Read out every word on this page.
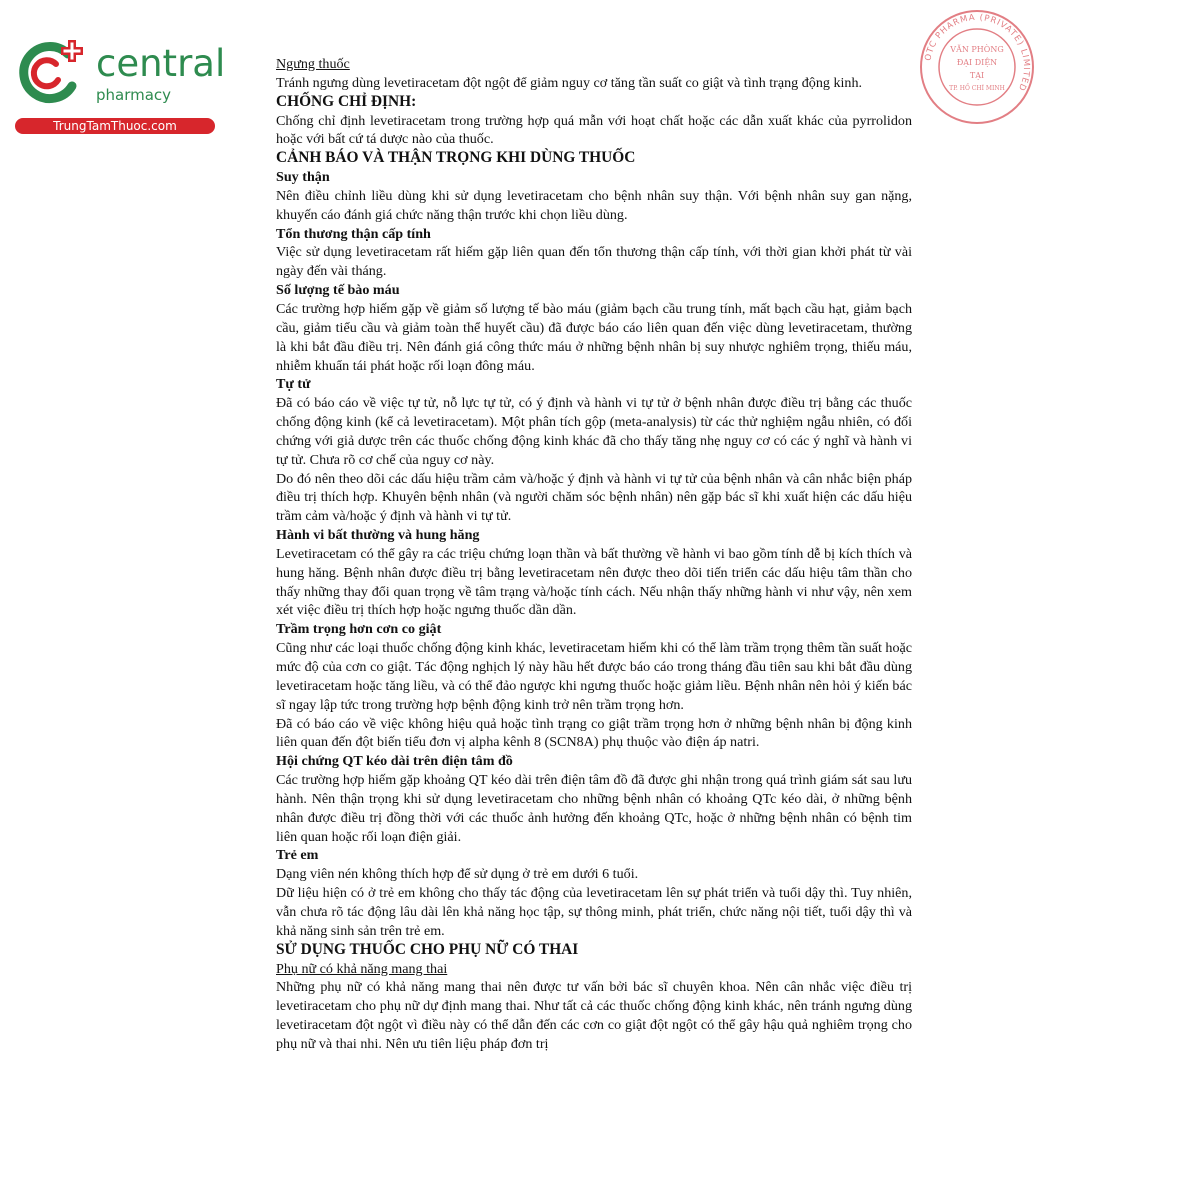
central
pharmacy
TrungTamThuoc.com
OTC PHARMA (PRIVATE) LIMITED
VĂN PHÒNG
ĐẠI DIỆN
TẠI
TP. HỒ CHÍ MINH

Ngưng thuốc

Tránh ngưng dùng levetiracetam đột ngột để giảm nguy cơ tăng tần suất co giật và tình trạng động kinh.

CHỐNG CHỈ ĐỊNH:

Chống chỉ định levetiracetam trong trường hợp quá mẫn với hoạt chất hoặc các dẫn xuất khác của pyrrolidon hoặc với bất cứ tá dược nào của thuốc.

CẢNH BÁO VÀ THẬN TRỌNG KHI DÙNG THUỐC

Suy thận

Nên điều chỉnh liều dùng khi sử dụng levetiracetam cho bệnh nhân suy thận. Với bệnh nhân suy gan nặng, khuyến cáo đánh giá chức năng thận trước khi chọn liều dùng.

Tổn thương thận cấp tính

Việc sử dụng levetiracetam rất hiếm gặp liên quan đến tổn thương thận cấp tính, với thời gian khởi phát từ vài ngày đến vài tháng.

Số lượng tế bào máu

Các trường hợp hiếm gặp về giảm số lượng tế bào máu (giảm bạch cầu trung tính, mất bạch cầu hạt, giảm bạch cầu, giảm tiểu cầu và giảm toàn thể huyết cầu) đã được báo cáo liên quan đến việc dùng levetiracetam, thường là khi bắt đầu điều trị. Nên đánh giá công thức máu ở những bệnh nhân bị suy nhược nghiêm trọng, thiếu máu, nhiễm khuẩn tái phát hoặc rối loạn đông máu.

Tự tử

Đã có báo cáo về việc tự tử, nỗ lực tự tử, có ý định và hành vi tự tử ở bệnh nhân được điều trị bằng các thuốc chống động kinh (kể cả levetiracetam). Một phân tích gộp (meta-analysis) từ các thử nghiệm ngẫu nhiên, có đối chứng với giả dược trên các thuốc chống động kinh khác đã cho thấy tăng nhẹ nguy cơ có các ý nghĩ và hành vi tự tử. Chưa rõ cơ chế của nguy cơ này.

Do đó nên theo dõi các dấu hiệu trầm cảm và/hoặc ý định và hành vi tự tử của bệnh nhân và cân nhắc biện pháp điều trị thích hợp. Khuyên bệnh nhân (và người chăm sóc bệnh nhân) nên gặp bác sĩ khi xuất hiện các dấu hiệu trầm cảm và/hoặc ý định và hành vi tự tử.

Hành vi bất thường và hung hăng

Levetiracetam có thể gây ra các triệu chứng loạn thần và bất thường về hành vi bao gồm tính dễ bị kích thích và hung hăng. Bệnh nhân được điều trị bằng levetiracetam nên được theo dõi tiến triển các dấu hiệu tâm thần cho thấy những thay đổi quan trọng về tâm trạng và/hoặc tính cách. Nếu nhận thấy những hành vi như vậy, nên xem xét việc điều trị thích hợp hoặc ngưng thuốc dần dần.

Trầm trọng hơn cơn co giật

Cũng như các loại thuốc chống động kinh khác, levetiracetam hiếm khi có thể làm trầm trọng thêm tần suất hoặc mức độ của cơn co giật. Tác động nghịch lý này hầu hết được báo cáo trong tháng đầu tiên sau khi bắt đầu dùng levetiracetam hoặc tăng liều, và có thể đảo ngược khi ngưng thuốc hoặc giảm liều. Bệnh nhân nên hỏi ý kiến bác sĩ ngay lập tức trong trường hợp bệnh động kinh trở nên trầm trọng hơn.

Đã có báo cáo về việc không hiệu quả hoặc tình trạng co giật trầm trọng hơn ở những bệnh nhân bị động kinh liên quan đến đột biến tiểu đơn vị alpha kênh 8 (SCN8A) phụ thuộc vào điện áp natri.

Hội chứng QT kéo dài trên điện tâm đồ

Các trường hợp hiếm gặp khoảng QT kéo dài trên điện tâm đồ đã được ghi nhận trong quá trình giám sát sau lưu hành. Nên thận trọng khi sử dụng levetiracetam cho những bệnh nhân có khoảng QTc kéo dài, ở những bệnh nhân được điều trị đồng thời với các thuốc ảnh hưởng đến khoảng QTc, hoặc ở những bệnh nhân có bệnh tim liên quan hoặc rối loạn điện giải.

Trẻ em

Dạng viên nén không thích hợp để sử dụng ở trẻ em dưới 6 tuổi.

Dữ liệu hiện có ở trẻ em không cho thấy tác động của levetiracetam lên sự phát triển và tuổi dậy thì. Tuy nhiên, vẫn chưa rõ tác động lâu dài lên khả năng học tập, sự thông minh, phát triển, chức năng nội tiết, tuổi dậy thì và khả năng sinh sản trên trẻ em.

SỬ DỤNG THUỐC CHO PHỤ NỮ CÓ THAI

Phụ nữ có khả năng mang thai

Những phụ nữ có khả năng mang thai nên được tư vấn bởi bác sĩ chuyên khoa. Nên cân nhắc việc điều trị levetiracetam cho phụ nữ dự định mang thai. Như tất cả các thuốc chống động kinh khác, nên tránh ngưng dùng levetiracetam đột ngột vì điều này có thể dẫn đến các cơn co giật đột ngột có thể gây hậu quả nghiêm trọng cho phụ nữ và thai nhi. Nên ưu tiên liệu pháp đơn trị
